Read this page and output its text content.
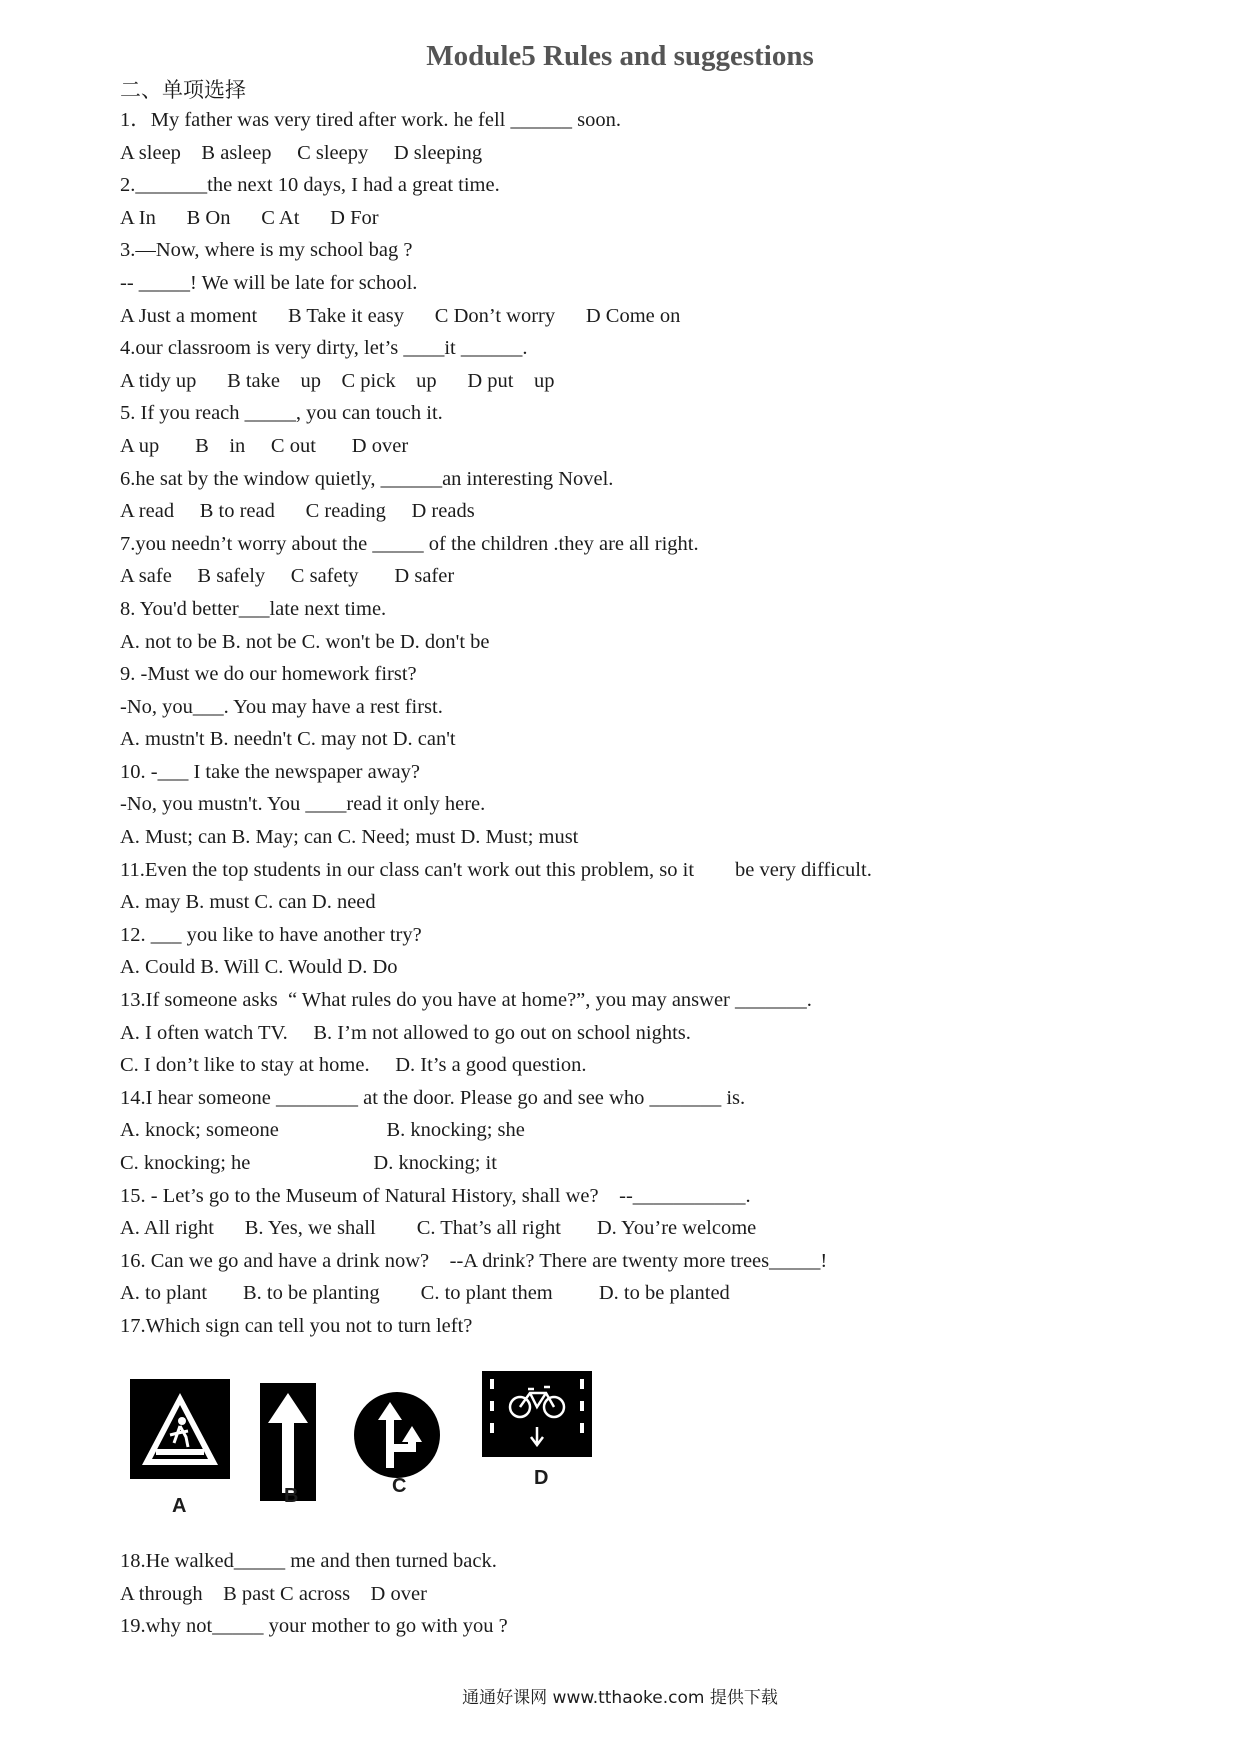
Module5 Rules and suggestions
二、单项选择
1．My father was very tired after work. he fell ______ soon.
A sleep    B asleep     C sleepy     D sleeping
2._______the next 10 days, I had a great time.
A In      B On      C At      D For
3.—Now, where is my school bag ?
-- _____! We will be late for school.
A Just a moment      B Take it easy      C Don’t worry      D Come on
4.our classroom is very dirty, let’s ____it ______.
A tidy up      B take    up    C pick    up      D put    up
5. If you reach _____, you can touch it.
A up       B    in     C out       D over
6.he sat by the window quietly, ______an interesting Novel.
A read     B to read      C reading     D reads
7.you needn’t worry about the _____ of the children .they are all right.
A safe     B safely     C safety       D safer
8. You'd better___late next time.
A. not to be B. not be C. won't be D. don't be
9. -Must we do our homework first?
-No, you___. You may have a rest first.
A. mustn't B. needn't C. may not D. can't
10. -___ I take the newspaper away?
-No, you mustn't. You ____read it only here.
A. Must; can B. May; can C. Need; must D. Must; must
11.Even the top students in our class can't work out this problem, so it        be very difficult.
A. may B. must C. can D. need
12. ___ you like to have another try?
A. Could B. Will C. Would D. Do
13.If someone asks  “ What rules do you have at home?”, you may answer _______.
A. I often watch TV.     B. I’m not allowed to go out on school nights.
C. I don’t like to stay at home.     D. It’s a good question.
14.I hear someone ________ at the door. Please go and see who _______ is.
A. knock; someone                     B. knocking; she
C. knocking; he                        D. knocking; it
15. - Let’s go to the Museum of Natural History, shall we?    --___________.
A. All right      B. Yes, we shall        C. That’s all right       D. You’re welcome
16. Can we go and have a drink now?    --A drink? There are twenty more trees_____!
A. to plant       B. to be planting        C. to plant them         D. to be planted
17.Which sign can tell you not to turn left?
A	B	C	D
18.He walked_____ me and then turned back.
A through    B past C across    D over
19.why not_____ your mother to go with you ?
通通好课网 www.tthaoke.com 提供下载
